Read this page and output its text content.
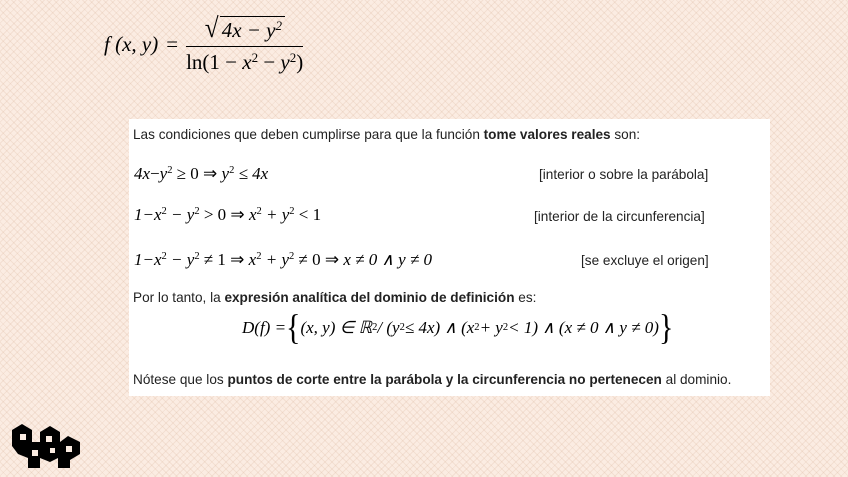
f (x, $y) = \frac{√ 4x - y^2}{\ln(1 - x^2 - y^2)}$
Las condiciones que deben cumplirse para que la función tome valores reales son:
$4x-y^2 \ge 0$ ⇒ $y^2 \le 4x$	[interior o sobre la parábola]
$1-x^2 - y^2 > 0$ ⇒ $x^2 + y^2 < 1$	[interior de la circunferencia]
$1-x^2 - y^2 \ne 1$ ⇒ $x^2 + y^2 \ne 0$ ⇒ x ≠ 0 ∧ y ≠ 0	[se excluye el origen]
Por lo tanto, la expresión analítica del dominio de definición es:
D(f) = { (x, y) ∈ ℝ 2 / (y 2 ≤ 4x) ∧ (x 2 + y 2 < 1) ∧ (x ≠ 0 ∧ y ≠ 0) }
Nótese que los puntos de corte entre la parábola y la circunferencia no pertenecen al dominio.
